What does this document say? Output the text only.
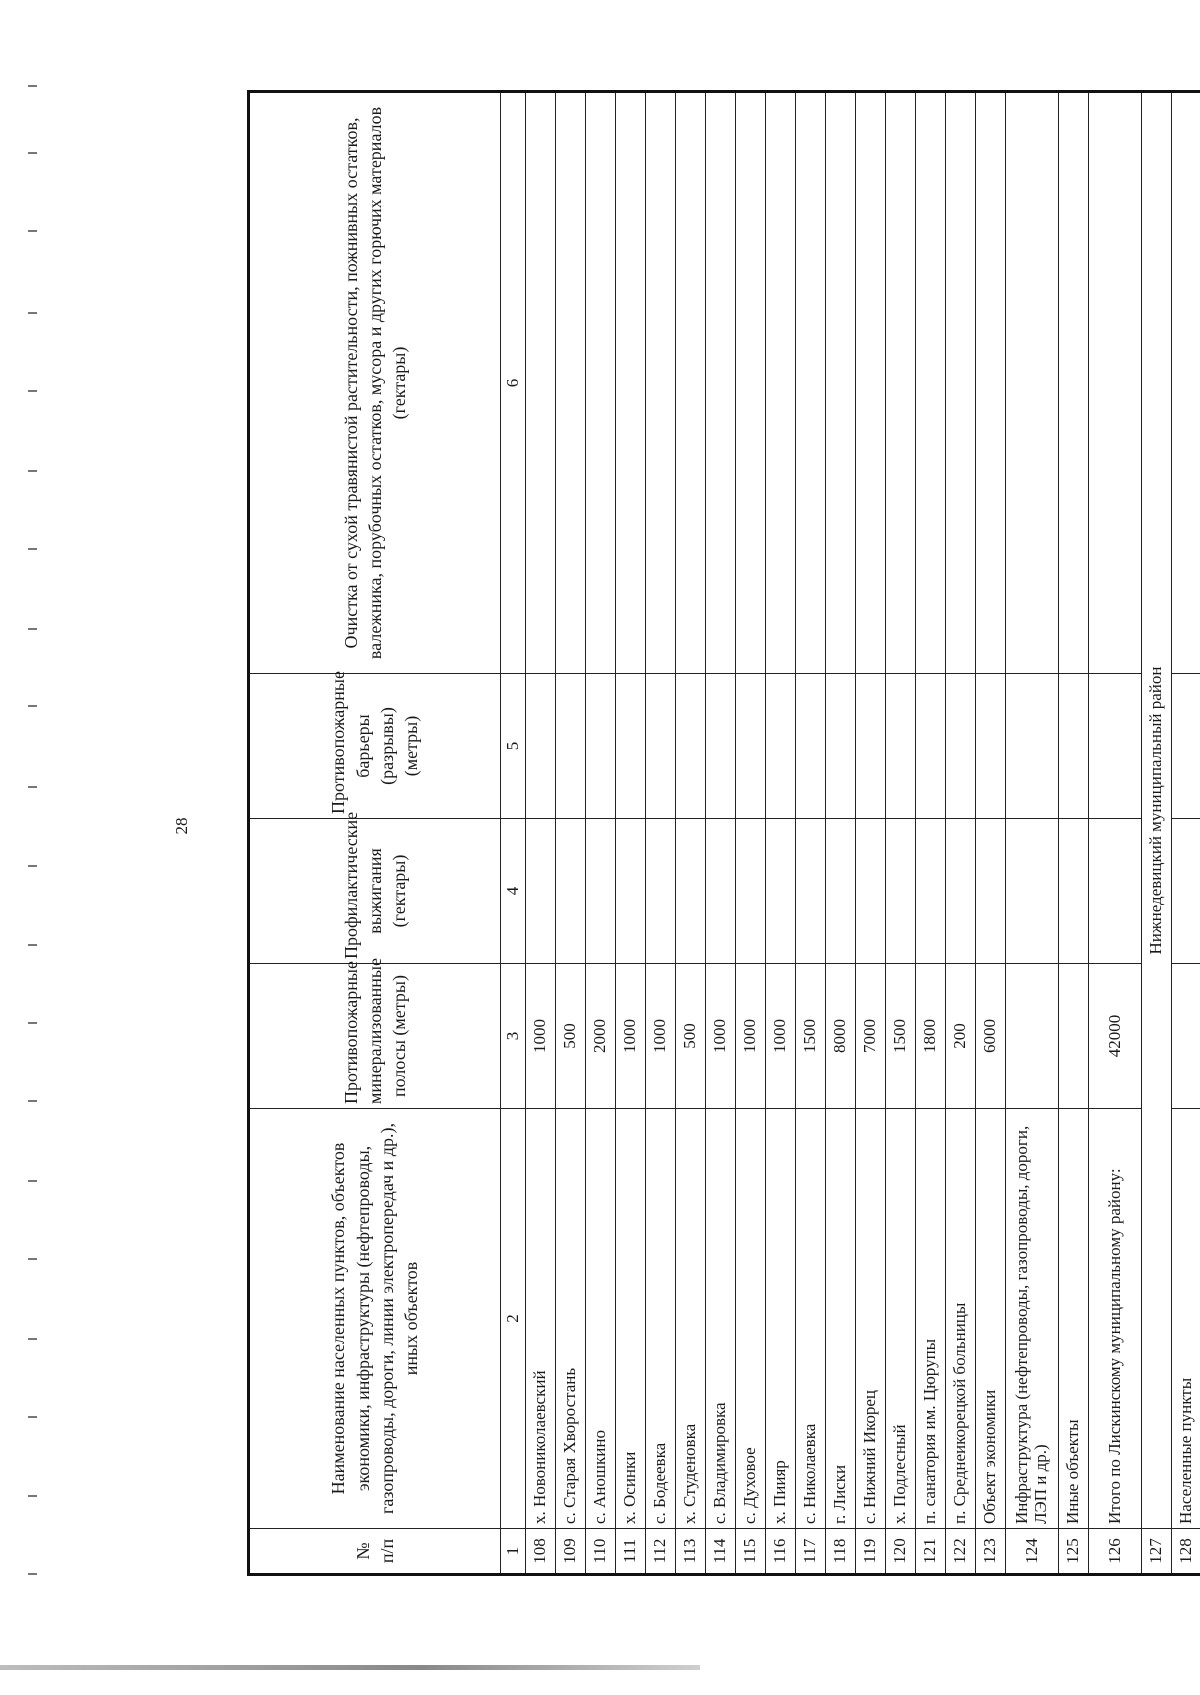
28
№ п/п	Наименование населенных пунктов, объектов экономики, инфраструктуры (нефтепроводы, газопроводы, дороги, линии электропередач и др.), иных объектов	Противопожарные минерализованные полосы (метры)	Профилактические выжигания (гектары)	Противопожарные барьеры (разрывы) (метры)	Очистка от сухой травянистой растительности, пожнивных остатков, валежника, порубочных остатков, мусора и других горючих материалов (гектары)
1	2	3	4	5	6
108	х. Новониколаевский	1000			
109	с. Старая Хворостань	500			
110	с. Аношкино	2000			
111	х. Осинки	1000			
112	с. Бодеевка	1000			
113	х. Студеновка	500			
114	с. Владимировка	1000			
115	с. Духовое	1000			
116	х. Пиияр	1000			
117	с. Николаевка	1500			
118	г. Лиски	8000			
119	с. Нижний Икорец	7000			
120	х. Подлесный	1500			
121	п. санатория им. Цюрупы	1800			
122	п. Среднеикорецкой больницы	200			
123	Объект экономики	6000			
124	Инфраструктура (нефтепроводы, газопроводы, дороги, ЛЭП и др.)				
125	Иные объекты				
126	Итого по Лискинскому муниципальному району:	42000			
127	Нижнедевицкий муниципальный район				
128	Населенные пункты				
